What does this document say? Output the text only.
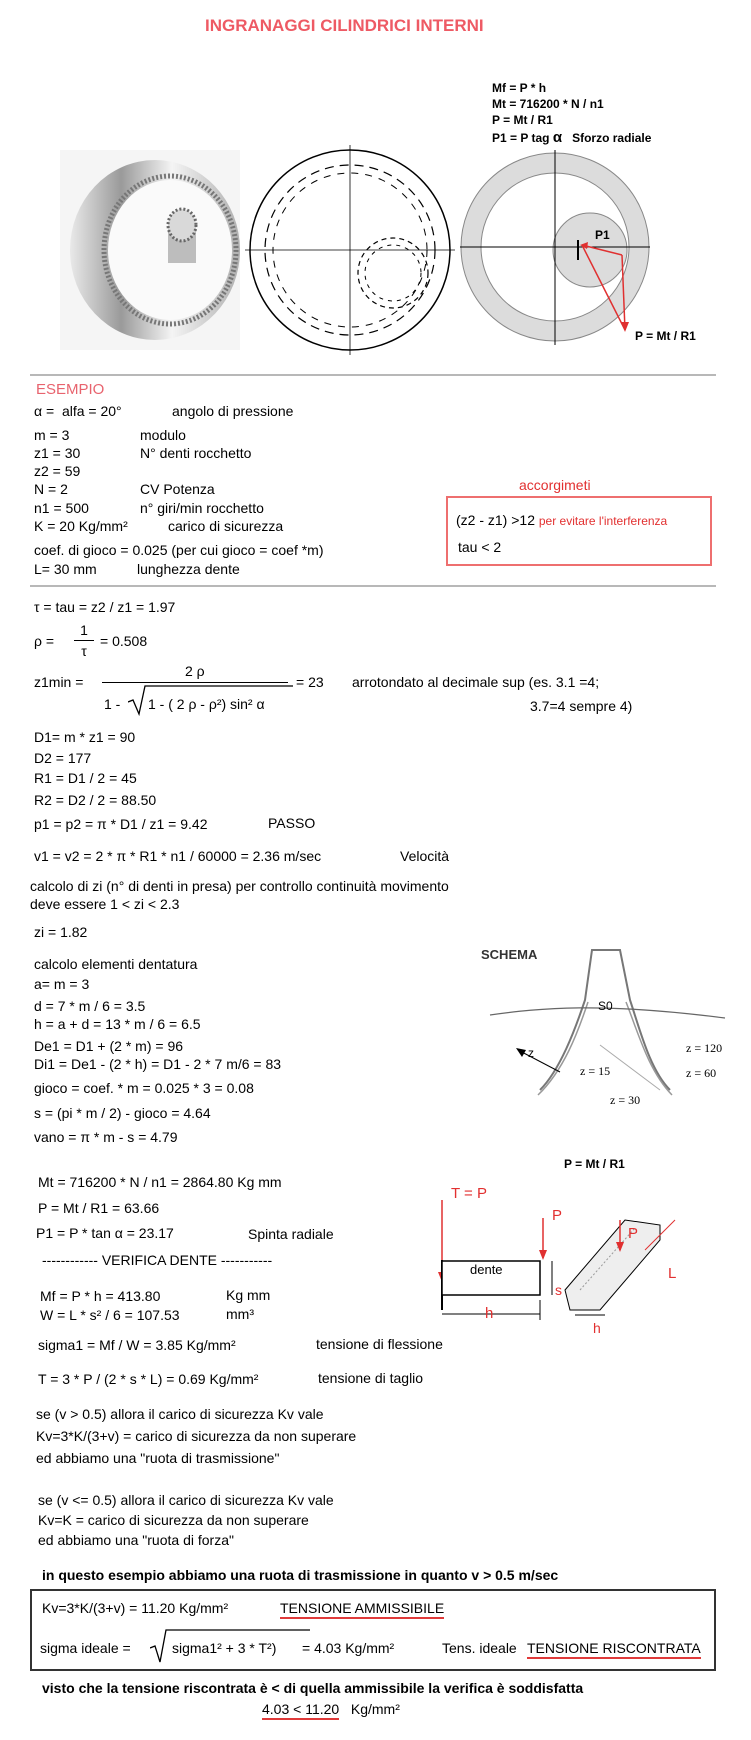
INGRANAGGI CILINDRICI INTERNI
Mf = P * h
Mt = 716200 * N / n1
P = Mt / R1
P1 = P tag α Sforzo radiale
P1
P = Mt / R1
ESEMPIO
α = alfa = 20°	angolo di pressione
m = 3	modulo
z1 = 30	N° denti rocchetto
z2 = 59
N = 2	CV Potenza
n1 = 500	n° giri/min rocchetto
K = 20 Kg/mm²	carico di sicurezza
coef. di gioco = 0.025 (per cui gioco = coef *m)
L= 30 mm	lunghezza dente
accorgimeti
(z2 - z1) >12 per evitare l'interferenza
tau < 2
τ = tau = z2 / z1 = 1.97
ρ =
1
τ
= 0.508
z1min =
2 ρ
1 - 1 - ( 2 ρ - ρ²) sin² α
= 23 arrotondato al decimale sup (es. 3.1 =4;
3.7=4 sempre 4)
D1= m * z1 = 90
D2 = 177
R1 = D1 / 2 = 45
R2 = D2 / 2 = 88.50
p1 = p2 = π * D1 / z1 = 9.42	PASSO
v1 = v2 = 2 * π * R1 * n1 / 60000 = 2.36 m/sec	Velocità
calcolo di zi (n° di denti in presa) per controllo continuità movimento
deve essere 1 < zi < 2.3
zi = 1.82
calcolo elementi dentatura
a= m = 3
d = 7 * m / 6 = 3.5
h = a + d = 13 * m / 6 = 6.5
De1 = D1 + (2 * m) = 96
Di1 = De1 - (2 * h) = D1 - 2 * 7 m/6 = 83
gioco = coef. * m = 0.025 * 3 = 0.08
s = (pi * m / 2) - gioco = 4.64
vano = π * m - s = 4.79
SCHEMA
S0
z	z = 120
z = 60
z = 15
z = 30
P = Mt / R1
Mt = 716200 * N / n1 = 2864.80 Kg mm
P = Mt / R1 = 63.66
P1 = P * tan α = 23.17	Spinta radiale
------------ VERIFICA DENTE -----------
Mf = P * h = 413.80	Kg mm
W = L * s² / 6 = 107.53	mm³
sigma1 = Mf / W = 3.85 Kg/mm²	tensione di flessione
T = 3 * P / (2 * s * L) = 0.69 Kg/mm²	tensione di taglio
T = P
P
dente
s
h
P
L
h
se (v > 0.5) allora il carico di sicurezza Kv vale
Kv=3*K/(3+v) = carico di sicurezza da non superare
ed abbiamo una "ruota di trasmissione"
se (v <= 0.5) allora il carico di sicurezza Kv vale
Kv=K = carico di sicurezza da non superare
ed abbiamo una "ruota di forza"
in questo esempio abbiamo una ruota di trasmissione in quanto v > 0.5 m/sec
Kv=3*K/(3+v) = 11.20 Kg/mm²	TENSIONE AMMISSIBILE
sigma ideale =	sigma1² + 3 * T²) = 4.03 Kg/mm²	Tens. ideale TENSIONE RISCONTRATA
visto che la tensione riscontrata è < di quella ammissibile la verifica è soddisfatta
4.03 < 11.20 Kg/mm²
